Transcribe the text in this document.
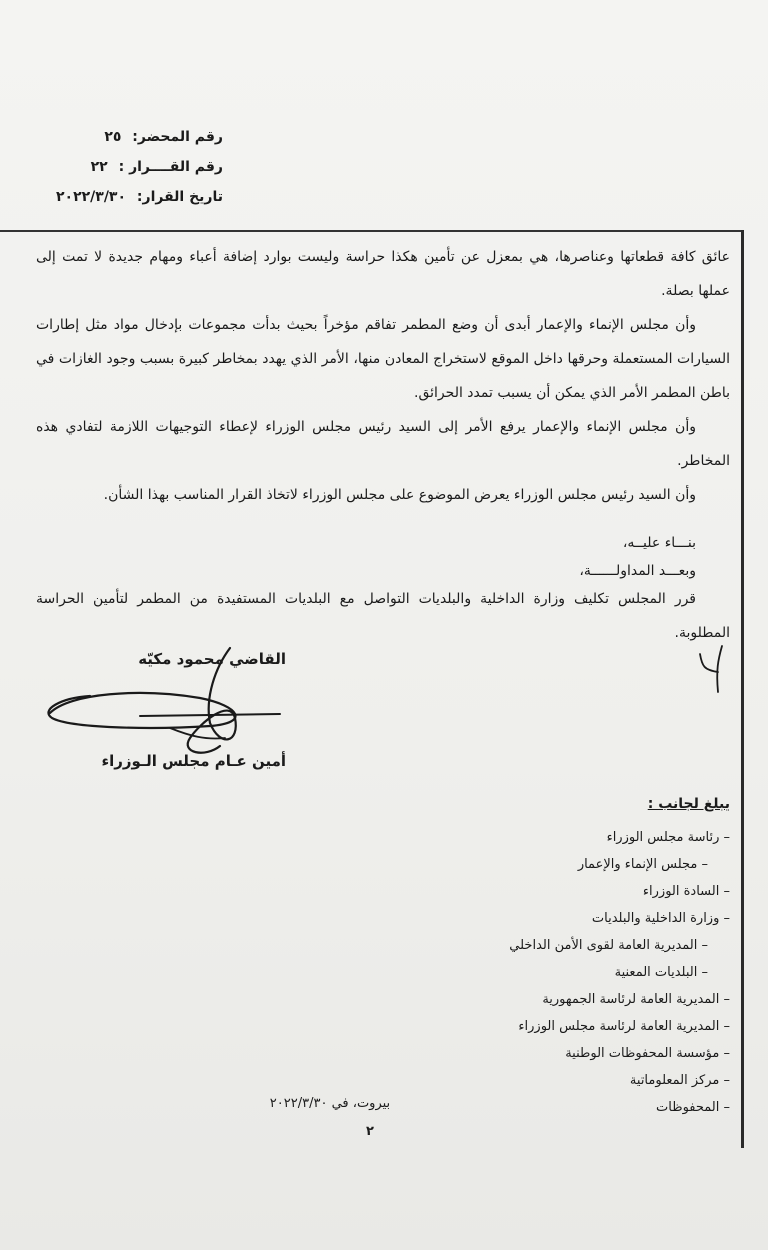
رقم المحضر: ٢٥
رقم القــــرار : ٢٢
تاريخ القرار: ٢٠٢٢/٣/٣٠

عائق كافة قطعاتها وعناصرها، هي بمعزل عن تأمين هكذا حراسة وليست بوارد إضافة أعباء ومهام جديدة لا تمت إلى عملها بصلة.

وأن مجلس الإنماء والإعمار أبدى أن وضع المطمر تفاقم مؤخراً بحيث بدأت مجموعات بإدخال مواد مثل إطارات السيارات المستعملة وحرقها داخل الموقع لاستخراج المعادن منها، الأمر الذي يهدد بمخاطر كبيرة بسبب وجود الغازات في باطن المطمر الأمر الذي يمكن أن يسبب تمدد الحرائق.

وأن مجلس الإنماء والإعمار يرفع الأمر إلى السيد رئيس مجلس الوزراء لإعطاء التوجيهات اللازمة لتفادي هذه المخاطر.

وأن السيد رئيس مجلس الوزراء يعرض الموضوع على مجلس الوزراء لاتخاذ القرار المناسب بهذا الشأن.

بنـــاء عليــه،

وبعـــد المداولــــــة،

قرر المجلس تكليف وزارة الداخلية والبلديات التواصل مع البلديات المستفيدة من المطمر لتأمين الحراسة المطلوبة.

القاضي محمود مكيّه
أمين عـام مجلس الـوزراء
يبلغ لجانب :
– رئاسة مجلس الوزراء
– مجلس الإنماء والإعمار
– السادة الوزراء
– وزارة الداخلية والبلديات
– المديرية العامة لقوى الأمن الداخلي
– البلديات المعنية
– المديرية العامة لرئاسة الجمهورية
– المديرية العامة لرئاسة مجلس الوزراء
– مؤسسة المحفوظات الوطنية
– مركز المعلوماتية
– المحفوظات
بيروت، في ٢٠٢٢/٣/٣٠
٢
